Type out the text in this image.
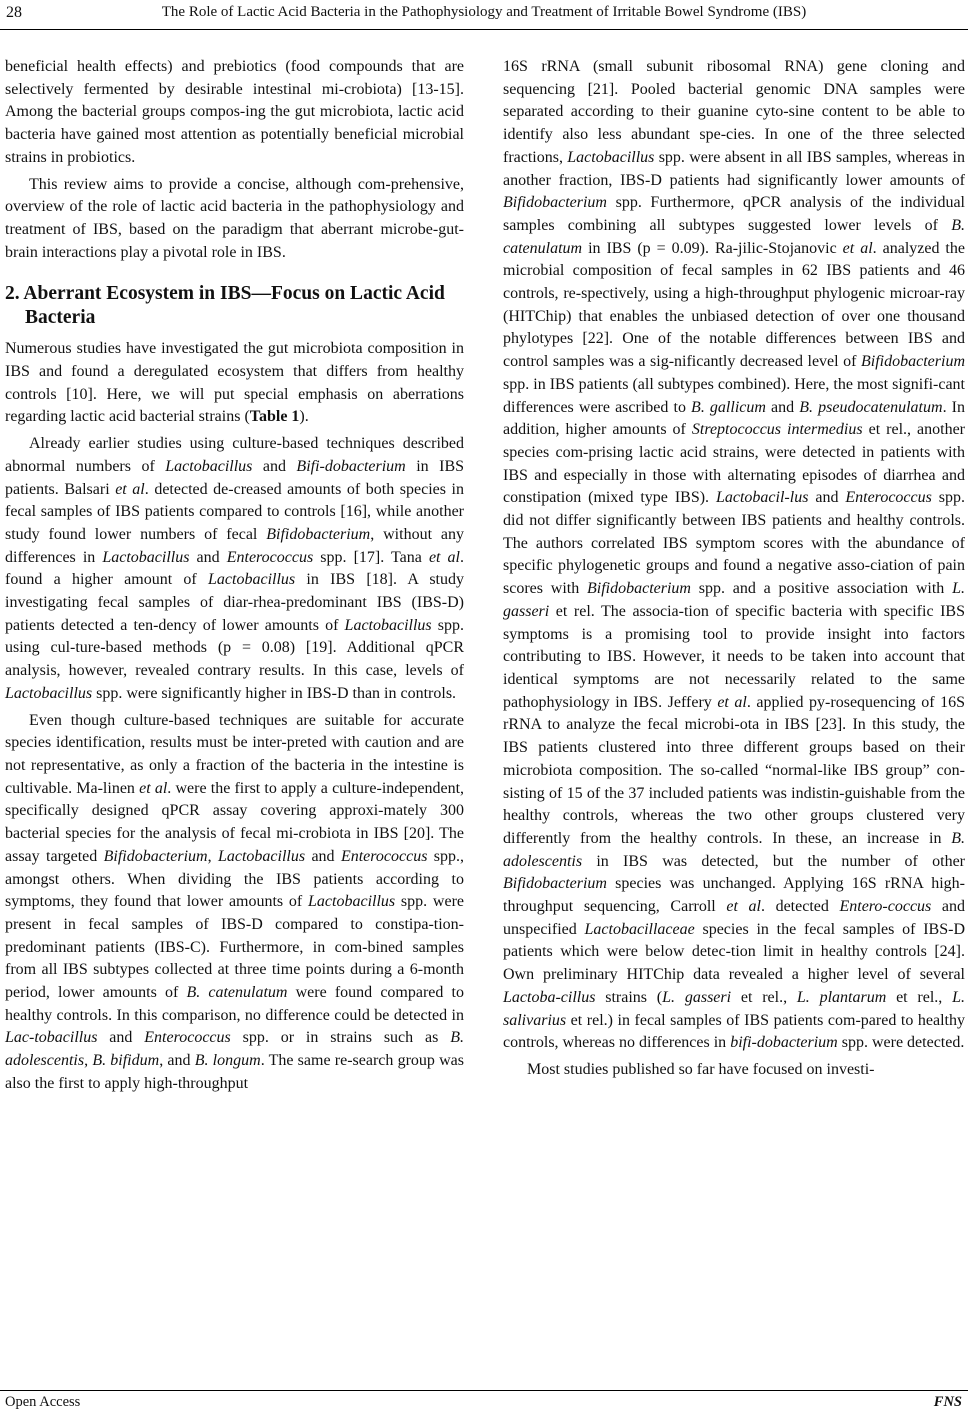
28	The Role of Lactic Acid Bacteria in the Pathophysiology and Treatment of Irritable Bowel Syndrome (IBS)

beneficial health effects) and prebiotics (food compounds that are selectively fermented by desirable intestinal mi-crobiota) [13-15]. Among the bacterial groups compos-ing the gut microbiota, lactic acid bacteria have gained most attention as potentially beneficial microbial strains in probiotics.

This review aims to provide a concise, although com-prehensive, overview of the role of lactic acid bacteria in the pathophysiology and treatment of IBS, based on the paradigm that aberrant microbe-gut-brain interactions play a pivotal role in IBS.

2. Aberrant Ecosystem in IBS—Focus on Lactic Acid Bacteria

Numerous studies have investigated the gut microbiota composition in IBS and found a deregulated ecosystem that differs from healthy controls [10]. Here, we will put special emphasis on aberrations regarding lactic acid bacterial strains (Table 1).

Already earlier studies using culture-based techniques described abnormal numbers of Lactobacillus and Bifi-dobacterium in IBS patients. Balsari et al. detected de-creased amounts of both species in fecal samples of IBS patients compared to controls [16], while another study found lower numbers of fecal Bifidobacterium, without any differences in Lactobacillus and Enterococcus spp. [17]. Tana et al. found a higher amount of Lactobacillus in IBS [18]. A study investigating fecal samples of diar-rhea-predominant IBS (IBS-D) patients detected a ten-dency of lower amounts of Lactobacillus spp. using cul-ture-based methods (p = 0.08) [19]. Additional qPCR analysis, however, revealed contrary results. In this case, levels of Lactobacillus spp. were significantly higher in IBS-D than in controls.

Even though culture-based techniques are suitable for accurate species identification, results must be inter-preted with caution and are not representative, as only a fraction of the bacteria in the intestine is cultivable. Ma-linen et al. were the first to apply a culture-independent, specifically designed qPCR assay covering approxi-mately 300 bacterial species for the analysis of fecal mi-crobiota in IBS [20]. The assay targeted Bifidobacterium, Lactobacillus and Enterococcus spp., amongst others. When dividing the IBS patients according to symptoms, they found that lower amounts of Lactobacillus spp. were present in fecal samples of IBS-D compared to constipa-tion-predominant patients (IBS-C). Furthermore, in com-bined samples from all IBS subtypes collected at three time points during a 6-month period, lower amounts of B. catenulatum were found compared to healthy controls. In this comparison, no difference could be detected in Lac-tobacillus and Enterococcus spp. or in strains such as B. adolescentis, B. bifidum, and B. longum. The same re-search group was also the first to apply high-throughput

16S rRNA (small subunit ribosomal RNA) gene cloning and sequencing [21]. Pooled bacterial genomic DNA samples were separated according to their guanine cyto-sine content to be able to identify also less abundant spe-cies. In one of the three selected fractions, Lactobacillus spp. were absent in all IBS samples, whereas in another fraction, IBS-D patients had significantly lower amounts of Bifidobacterium spp. Furthermore, qPCR analysis of the individual samples combining all subtypes suggested lower levels of B. catenulatum in IBS (p = 0.09). Ra-jilic-Stojanovic et al. analyzed the microbial composition of fecal samples in 62 IBS patients and 46 controls, re-spectively, using a high-throughput phylogenic microar-ray (HITChip) that enables the unbiased detection of over one thousand phylotypes [22]. One of the notable differences between IBS and control samples was a sig-nificantly decreased level of Bifidobacterium spp. in IBS patients (all subtypes combined). Here, the most signifi-cant differences were ascribed to B. gallicum and B. pseudocatenulatum. In addition, higher amounts of Streptococcus intermedius et rel., another species com-prising lactic acid strains, were detected in patients with IBS and especially in those with alternating episodes of diarrhea and constipation (mixed type IBS). Lactobacil-lus and Enterococcus spp. did not differ significantly between IBS patients and healthy controls. The authors correlated IBS symptom scores with the abundance of specific phylogenetic groups and found a negative asso-ciation of pain scores with Bifidobacterium spp. and a positive association with L. gasseri et rel. The associa-tion of specific bacteria with specific IBS symptoms is a promising tool to provide insight into factors contributing to IBS. However, it needs to be taken into account that identical symptoms are not necessarily related to the same pathophysiology in IBS. Jeffery et al. applied py-rosequencing of 16S rRNA to analyze the fecal microbi-ota in IBS [23]. In this study, the IBS patients clustered into three different groups based on their microbiota composition. The so-called “normal-like IBS group” con-sisting of 15 of the 37 included patients was indistin-guishable from the healthy controls, whereas the two other groups clustered very differently from the healthy controls. In these, an increase in B. adolescentis in IBS was detected, but the number of other Bifidobacterium species was unchanged. Applying 16S rRNA high-throughput sequencing, Carroll et al. detected Entero-coccus and unspecified Lactobacillaceae species in the fecal samples of IBS-D patients which were below detec-tion limit in healthy controls [24]. Own preliminary HITChip data revealed a higher level of several Lactoba-cillus strains (L. gasseri et rel., L. plantarum et rel., L. salivarius et rel.) in fecal samples of IBS patients com-pared to healthy controls, whereas no differences in bifi-dobacterium spp. were detected.

Most studies published so far have focused on investi-

Open Access	FNS
